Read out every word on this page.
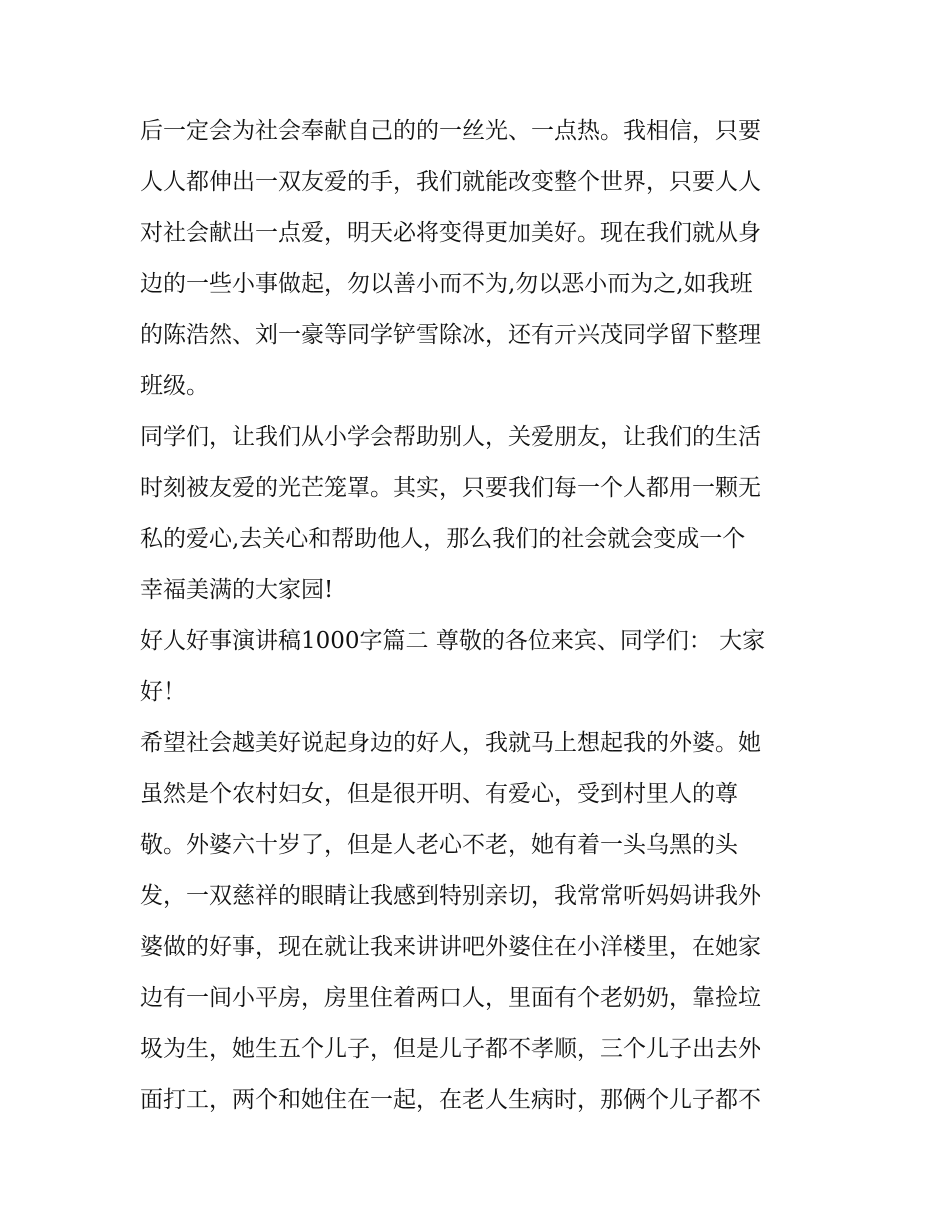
后一定会为社会奉献自己的的一丝光、一点热。我相信，只要
人人都伸出一双友爱的手，我们就能改变整个世界，只要人人
对社会献出一点爱，明天必将变得更加美好。现在我们就从身
边的一些小事做起，勿以善小而不为,勿以恶小而为之,如我班
的陈浩然、刘一豪等同学铲雪除冰，还有亓兴茂同学留下整理
班级。
同学们，让我们从小学会帮助别人，关爱朋友，让我们的生活
时刻被友爱的光芒笼罩。其实，只要我们每一个人都用一颗无
私的爱心,去关心和帮助他人，那么我们的社会就会变成一个
幸福美满的大家园!
好人好事演讲稿1000字篇二 尊敬的各位来宾、同学们： 大家
好！
希望社会越美好说起身边的好人，我就马上想起我的外婆。她
虽然是个农村妇女，但是很开明、有爱心，受到村里人的尊
敬。外婆六十岁了，但是人老心不老，她有着一头乌黑的头
发，一双慈祥的眼睛让我感到特别亲切，我常常听妈妈讲我外
婆做的好事，现在就让我来讲讲吧外婆住在小洋楼里，在她家
边有一间小平房，房里住着两口人，里面有个老奶奶，靠捡垃
圾为生，她生五个儿子，但是儿子都不孝顺，三个儿子出去外
面打工，两个和她住在一起，在老人生病时，那俩个儿子都不
